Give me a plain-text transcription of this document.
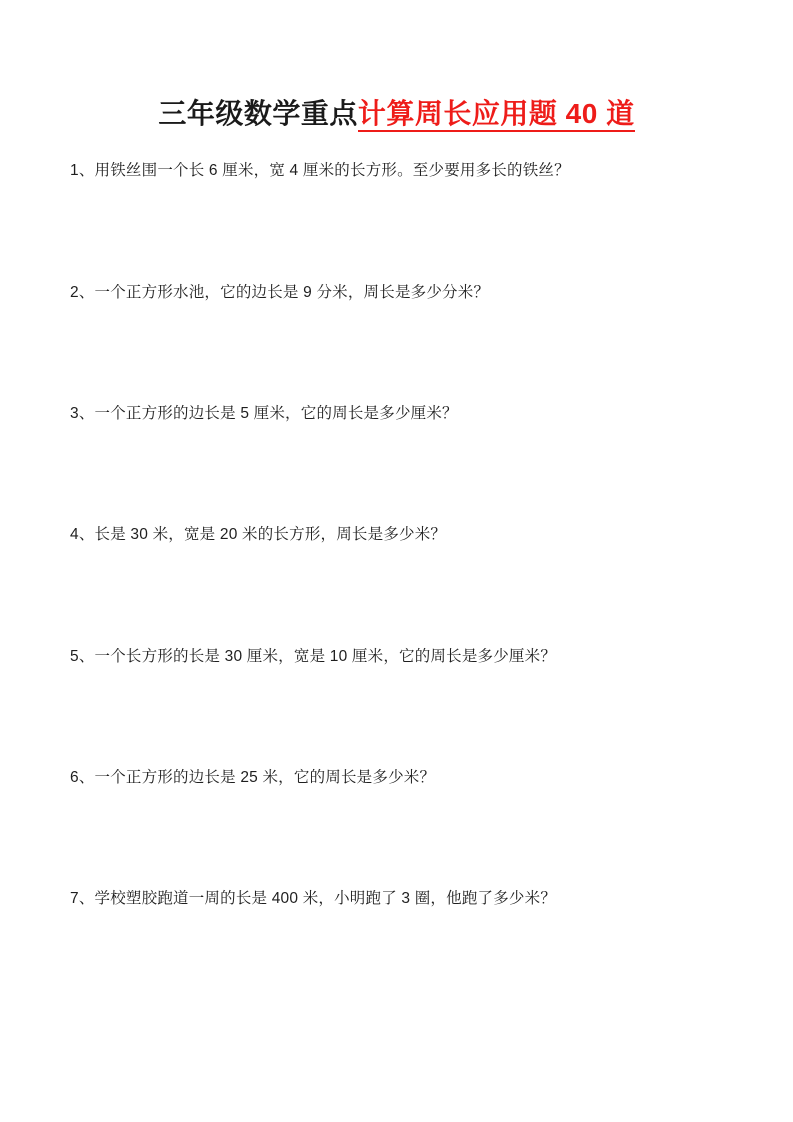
三年级数学重点计算周长应用题 40 道
1、用铁丝围一个长 6 厘米，宽 4 厘米的长方形。至少要用多长的铁丝？
2、一个正方形水池，它的边长是 9 分米，周长是多少分米？
3、一个正方形的边长是 5 厘米，它的周长是多少厘米？
4、长是 30 米，宽是 20 米的长方形，周长是多少米？
5、一个长方形的长是 30 厘米，宽是 10 厘米，它的周长是多少厘米？
6、一个正方形的边长是 25 米，它的周长是多少米？
7、学校塑胶跑道一周的长是 400 米，小明跑了 3 圈，他跑了多少米？
